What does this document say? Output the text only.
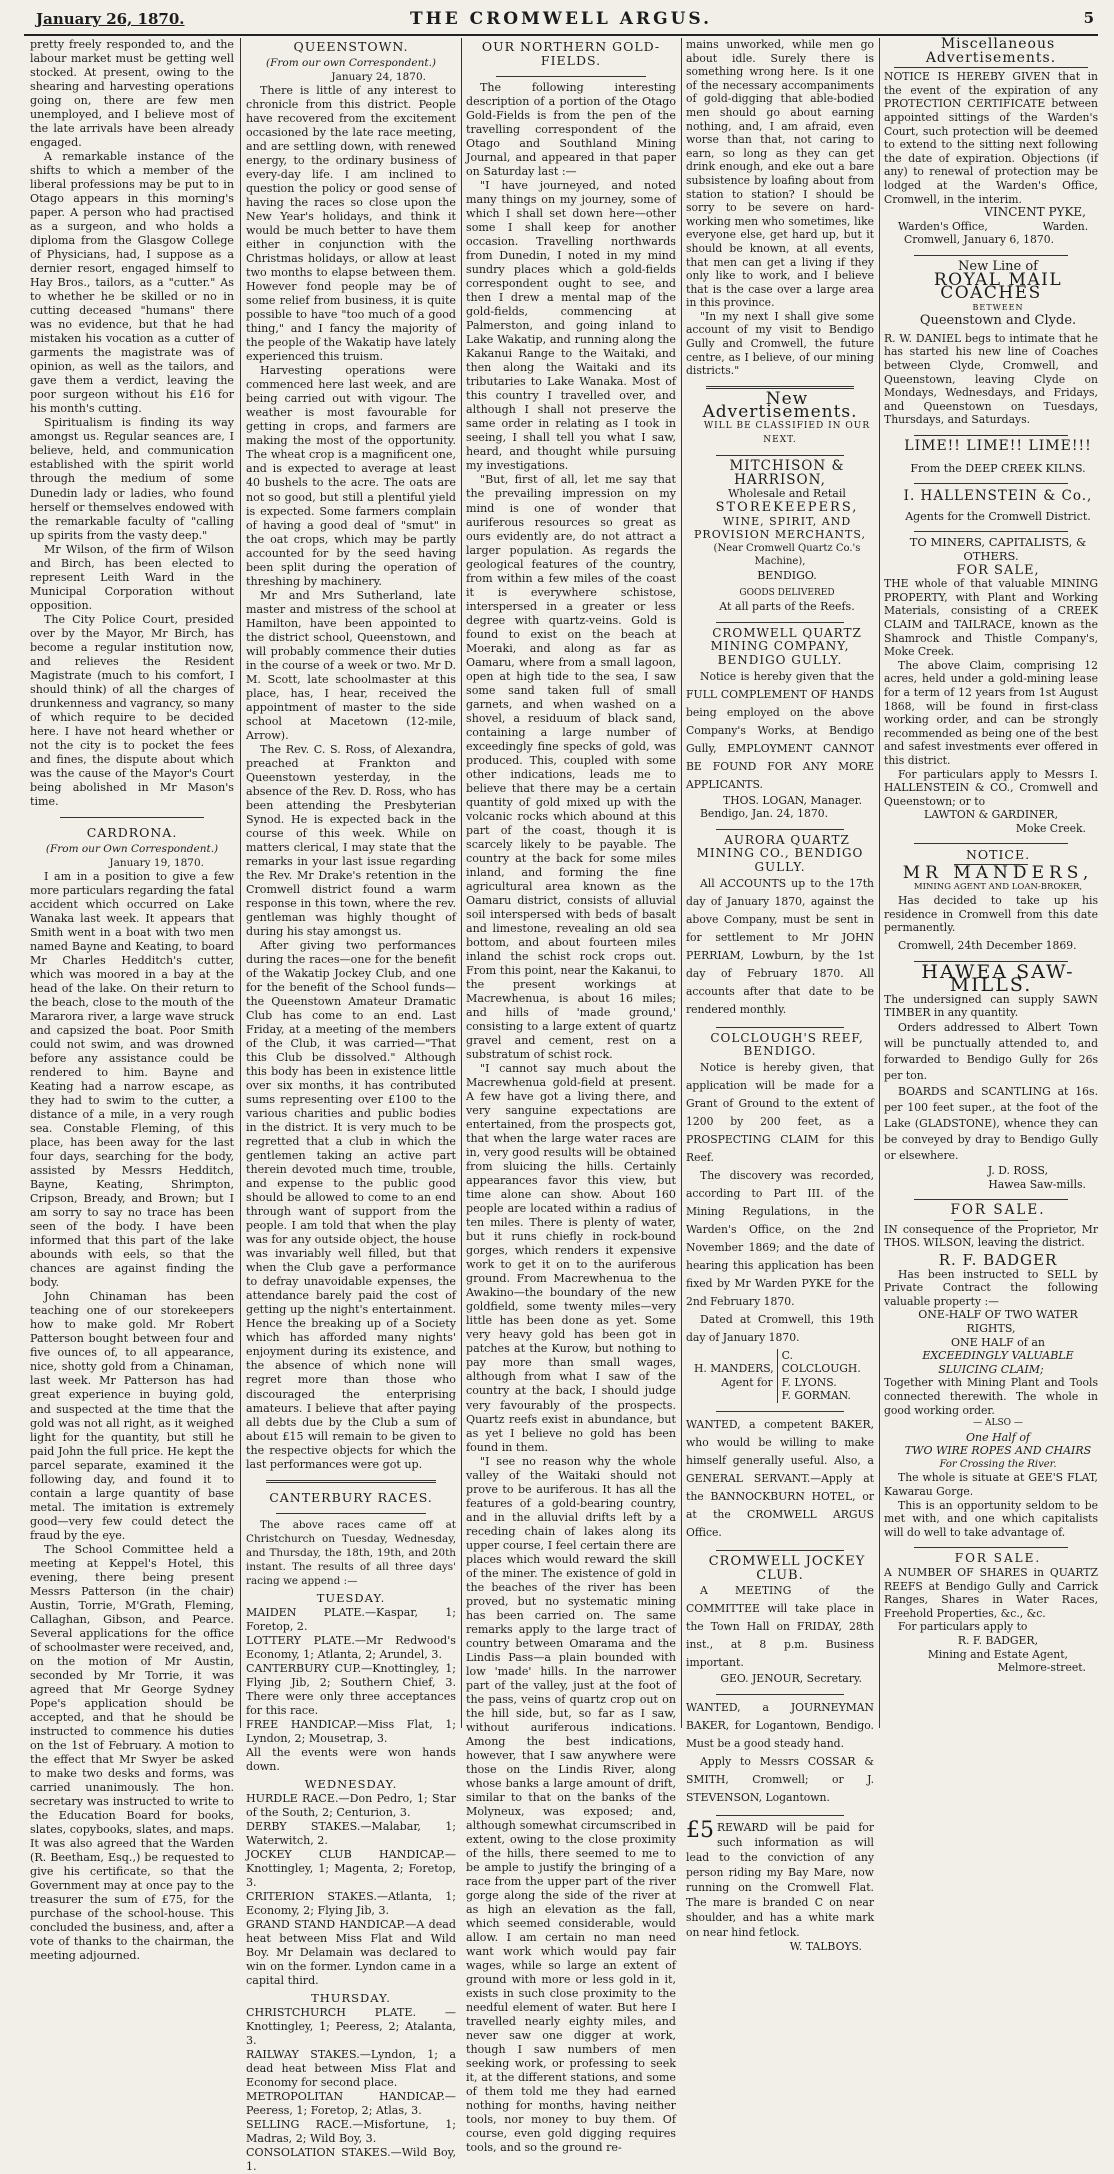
January 26, 1870.	THE CROMWELL ARGUS.	5

pretty freely responded to, and the labour market must be getting well stocked. At present, owing to the shearing and harvesting operations going on, there are few men unemployed, and I believe most of the late arrivals have been already engaged.

A remarkable instance of the shifts to which a member of the liberal professions may be put to in Otago appears in this morning's paper. A person who had practised as a surgeon, and who holds a diploma from the Glasgow College of Physicians, had, I suppose as a dernier resort, engaged himself to Hay Bros., tailors, as a "cutter." As to whether he be skilled or no in cutting deceased "humans" there was no evidence, but that he had mistaken his vocation as a cutter of garments the magistrate was of opinion, as well as the tailors, and gave them a verdict, leaving the poor surgeon without his £16 for his month's cutting.

Spiritualism is finding its way amongst us. Regular seances are, I believe, held, and communication established with the spirit world through the medium of some Dunedin lady or ladies, who found herself or themselves endowed with the remarkable faculty of "calling up spirits from the vasty deep."

Mr Wilson, of the firm of Wilson and Birch, has been elected to represent Leith Ward in the Municipal Corporation without opposition.

The City Police Court, presided over by the Mayor, Mr Birch, has become a regular institution now, and relieves the Resident Magistrate (much to his comfort, I should think) of all the charges of drunkenness and vagrancy, so many of which require to be decided here. I have not heard whether or not the city is to pocket the fees and fines, the dispute about which was the cause of the Mayor's Court being abolished in Mr Mason's time.

CARDRONA.

(From our Own Correspondent.)

January 19, 1870.

I am in a position to give a few more particulars regarding the fatal accident which occurred on Lake Wanaka last week. It appears that Smith went in a boat with two men named Bayne and Keating, to board Mr Charles Hedditch's cutter, which was moored in a bay at the head of the lake. On their return to the beach, close to the mouth of the Mararora river, a large wave struck and capsized the boat. Poor Smith could not swim, and was drowned before any assistance could be rendered to him. Bayne and Keating had a narrow escape, as they had to swim to the cutter, a distance of a mile, in a very rough sea. Constable Fleming, of this place, has been away for the last four days, searching for the body, assisted by Messrs Hedditch, Bayne, Keating, Shrimpton, Cripson, Bready, and Brown; but I am sorry to say no trace has been seen of the body. I have been informed that this part of the lake abounds with eels, so that the chances are against finding the body.

John Chinaman has been teaching one of our storekeepers how to make gold. Mr Robert Patterson bought between four and five ounces of, to all appearance, nice, shotty gold from a Chinaman, last week. Mr Patterson has had great experience in buying gold, and suspected at the time that the gold was not all right, as it weighed light for the quantity, but still he paid John the full price. He kept the parcel separate, examined it the following day, and found it to contain a large quantity of base metal. The imitation is extremely good—very few could detect the fraud by the eye.

The School Committee held a meeting at Keppel's Hotel, this evening, there being present Messrs Patterson (in the chair) Austin, Torrie, M'Grath, Fleming, Callaghan, Gibson, and Pearce. Several applications for the office of schoolmaster were received, and, on the motion of Mr Austin, seconded by Mr Torrie, it was agreed that Mr George Sydney Pope's application should be accepted, and that he should be instructed to commence his duties on the 1st of February. A motion to the effect that Mr Swyer be asked to make two desks and forms, was carried unanimously. The hon. secretary was instructed to write to the Education Board for books, slates, copybooks, slates, and maps. It was also agreed that the Warden (R. Beetham, Esq.,) be requested to give his certificate, so that the Government may at once pay to the treasurer the sum of £75, for the purchase of the school-house. This concluded the business, and, after a vote of thanks to the chairman, the meeting adjourned.

QUEENSTOWN.

(From our own Correspondent.)

January 24, 1870.

There is little of any interest to chronicle from this district. People have recovered from the excitement occasioned by the late race meeting, and are settling down, with renewed energy, to the ordinary business of every-day life. I am inclined to question the policy or good sense of having the races so close upon the New Year's holidays, and think it would be much better to have them either in conjunction with the Christmas holidays, or allow at least two months to elapse between them. However fond people may be of some relief from business, it is quite possible to have "too much of a good thing," and I fancy the majority of the people of the Wakatip have lately experienced this truism.

Harvesting operations were commenced here last week, and are being carried out with vigour. The weather is most favourable for getting in crops, and farmers are making the most of the opportunity. The wheat crop is a magnificent one, and is expected to average at least 40 bushels to the acre. The oats are not so good, but still a plentiful yield is expected. Some farmers complain of having a good deal of "smut" in the oat crops, which may be partly accounted for by the seed having been split during the operation of threshing by machinery.

Mr and Mrs Sutherland, late master and mistress of the school at Hamilton, have been appointed to the district school, Queenstown, and will probably commence their duties in the course of a week or two. Mr D. M. Scott, late schoolmaster at this place, has, I hear, received the appointment of master to the side school at Macetown (12-mile, Arrow).

The Rev. C. S. Ross, of Alexandra, preached at Frankton and Queenstown yesterday, in the absence of the Rev. D. Ross, who has been attending the Presbyterian Synod. He is expected back in the course of this week. While on matters clerical, I may state that the remarks in your last issue regarding the Rev. Mr Drake's retention in the Cromwell district found a warm response in this town, where the rev. gentleman was highly thought of during his stay amongst us.

After giving two performances during the races—one for the benefit of the Wakatip Jockey Club, and one for the benefit of the School funds—the Queenstown Amateur Dramatic Club has come to an end. Last Friday, at a meeting of the members of the Club, it was carried—"That this Club be dissolved." Although this body has been in existence little over six months, it has contributed sums representing over £100 to the various charities and public bodies in the district. It is very much to be regretted that a club in which the gentlemen taking an active part therein devoted much time, trouble, and expense to the public good should be allowed to come to an end through want of support from the people. I am told that when the play was for any outside object, the house was invariably well filled, but that when the Club gave a performance to defray unavoidable expenses, the attendance barely paid the cost of getting up the night's entertainment. Hence the breaking up of a Society which has afforded many nights' enjoyment during its existence, and the absence of which none will regret more than those who discouraged the enterprising amateurs. I believe that after paying all debts due by the Club a sum of about £15 will remain to be given to the respective objects for which the last performances were got up.

CANTERBURY RACES.

The above races came off at Christchurch on Tuesday, Wednesday, and Thursday, the 18th, 19th, and 20th instant. The results of all three days' racing we append :—

TUESDAY.

MAIDEN PLATE.—Kaspar, 1; Foretop, 2.

LOTTERY PLATE.—Mr Redwood's Economy, 1; Atlanta, 2; Arundel, 3.

CANTERBURY CUP.—Knottingley, 1; Flying Jib, 2; Southern Chief, 3. There were only three acceptances for this race.

FREE HANDICAP.—Miss Flat, 1; Lyndon, 2; Mousetrap, 3.

All the events were won hands down.

WEDNESDAY.

HURDLE RACE.—Don Pedro, 1; Star of the South, 2; Centurion, 3.

DERBY STAKES.—Malabar, 1; Waterwitch, 2.

JOCKEY CLUB HANDICAP.—Knottingley, 1; Magenta, 2; Foretop, 3.

CRITERION STAKES.—Atlanta, 1; Economy, 2; Flying Jib, 3.

GRAND STAND HANDICAP.—A dead heat between Miss Flat and Wild Boy. Mr Delamain was declared to win on the former. Lyndon came in a capital third.

THURSDAY.

CHRISTCHURCH PLATE. — Knottingley, 1; Peeress, 2; Atalanta, 3.

RAILWAY STAKES.—Lyndon, 1; a dead heat between Miss Flat and Economy for second place.

METROPOLITAN HANDICAP.—Peeress, 1; Foretop, 2; Atlas, 3.

SELLING RACE.—Misfortune, 1; Madras, 2; Wild Boy, 3.

CONSOLATION STAKES.—Wild Boy, 1.

OUR NORTHERN GOLD-FIELDS.

The following interesting description of a portion of the Otago Gold-Fields is from the pen of the travelling correspondent of the Otago and Southland Mining Journal, and appeared in that paper on Saturday last :—

"I have journeyed, and noted many things on my journey, some of which I shall set down here—other some I shall keep for another occasion. Travelling northwards from Dunedin, I noted in my mind sundry places which a gold-fields correspondent ought to see, and then I drew a mental map of the gold-fields, commencing at Palmerston, and going inland to Lake Wakatip, and running along the Kakanui Range to the Waitaki, and then along the Waitaki and its tributaries to Lake Wanaka. Most of this country I travelled over, and although I shall not preserve the same order in relating as I took in seeing, I shall tell you what I saw, heard, and thought while pursuing my investigations.

"But, first of all, let me say that the prevailing impression on my mind is one of wonder that auriferous resources so great as ours evidently are, do not attract a larger population. As regards the geological features of the country, from within a few miles of the coast it is everywhere schistose, interspersed in a greater or less degree with quartz-veins. Gold is found to exist on the beach at Moeraki, and along as far as Oamaru, where from a small lagoon, open at high tide to the sea, I saw some sand taken full of small garnets, and when washed on a shovel, a residuum of black sand, containing a large number of exceedingly fine specks of gold, was produced. This, coupled with some other indications, leads me to believe that there may be a certain quantity of gold mixed up with the volcanic rocks which abound at this part of the coast, though it is scarcely likely to be payable. The country at the back for some miles inland, and forming the fine agricultural area known as the Oamaru district, consists of alluvial soil interspersed with beds of basalt and limestone, revealing an old sea bottom, and about fourteen miles inland the schist rock crops out. From this point, near the Kakanui, to the present workings at Macrewhenua, is about 16 miles; and hills of 'made ground,' consisting to a large extent of quartz gravel and cement, rest on a substratum of schist rock.

"I cannot say much about the Macrewhenua gold-field at present. A few have got a living there, and very sanguine expectations are entertained, from the prospects got, that when the large water races are in, very good results will be obtained from sluicing the hills. Certainly appearances favor this view, but time alone can show. About 160 people are located within a radius of ten miles. There is plenty of water, but it runs chiefly in rock-bound gorges, which renders it expensive work to get it on to the auriferous ground. From Macrewhenua to the Awakino—the boundary of the new goldfield, some twenty miles—very little has been done as yet. Some very heavy gold has been got in patches at the Kurow, but nothing to pay more than small wages, although from what I saw of the country at the back, I should judge very favourably of the prospects. Quartz reefs exist in abundance, but as yet I believe no gold has been found in them.

"I see no reason why the whole valley of the Waitaki should not prove to be auriferous. It has all the features of a gold-bearing country, and in the alluvial drifts left by a receding chain of lakes along its upper course, I feel certain there are places which would reward the skill of the miner. The existence of gold in the beaches of the river has been proved, but no systematic mining has been carried on. The same remarks apply to the large tract of country between Omarama and the Lindis Pass—a plain bounded with low 'made' hills. In the narrower part of the valley, just at the foot of the pass, veins of quartz crop out on the hill side, but, so far as I saw, without auriferous indications. Among the best indications, however, that I saw anywhere were those on the Lindis River, along whose banks a large amount of drift, similar to that on the banks of the Molyneux, was exposed; and, although somewhat circumscribed in extent, owing to the close proximity of the hills, there seemed to me to be ample to justify the bringing of a race from the upper part of the river gorge along the side of the river at as high an elevation as the fall, which seemed considerable, would allow. I am certain no man need want work which would pay fair wages, while so large an extent of ground with more or less gold in it, exists in such close proximity to the needful element of water. But here I travelled nearly eighty miles, and never saw one digger at work, though I saw numbers of men seeking work, or professing to seek it, at the different stations, and some of them told me they had earned nothing for months, having neither tools, nor money to buy them. Of course, even gold digging requires tools, and so the ground re-

mains unworked, while men go about idle. Surely there is something wrong here. Is it one of the necessary accompaniments of gold-digging that able-bodied men should go about earning nothing, and, I am afraid, even worse than that, not caring to earn, so long as they can get drink enough, and eke out a bare subsistence by loafing about from station to station? I should be sorry to be severe on hard-working men who sometimes, like everyone else, get hard up, but it should be known, at all events, that men can get a living if they only like to work, and I believe that is the case over a large area in this province.

"In my next I shall give some account of my visit to Bendigo Gully and Cromwell, the future centre, as I believe, of our mining districts."

New Advertisements.

WILL BE CLASSIFIED IN OUR NEXT.

MITCHISON & HARRISON,

Wholesale and Retail

STOREKEEPERS,

WINE, SPIRIT, AND PROVISION MERCHANTS,

(Near Cromwell Quartz Co.'s Machine),

BENDIGO.

GOODS DELIVERED

At all parts of the Reefs.

CROMWELL QUARTZ MINING COMPANY, BENDIGO GULLY.

Notice is hereby given that the FULL COMPLEMENT OF HANDS being employed on the above Company's Works, at Bendigo Gully, EMPLOYMENT CANNOT BE FOUND FOR ANY MORE APPLICANTS.

THOS. LOGAN, Manager.

Bendigo, Jan. 24, 1870.

AURORA QUARTZ MINING CO., BENDIGO GULLY.

All ACCOUNTS up to the 17th day of January 1870, against the above Company, must be sent in for settlement to Mr JOHN PERRIAM, Lowburn, by the 1st day of February 1870. All accounts after that date to be rendered monthly.

COLCLOUGH'S REEF, BENDIGO.

Notice is hereby given, that application will be made for a Grant of Ground to the extent of 1200 by 200 feet, as a PROSPECTING CLAIM for this Reef.

The discovery was recorded, according to Part III. of the Mining Regulations, in the Warden's Office, on the 2nd November 1869; and the date of hearing this application has been fixed by Mr Warden PYKE for the 2nd February 1870.

Dated at Cromwell, this 19th day of January 1870.

H. MANDERS,
Agent for
C. COLCLOUGH.
F. LYONS.
F. GORMAN.

WANTED, a competent BAKER, who would be willing to make himself generally useful. Also, a GENERAL SERVANT.—Apply at the BANNOCKBURN HOTEL, or at the CROMWELL ARGUS Office.

CROMWELL JOCKEY CLUB.

A MEETING of the COMMITTEE will take place in the Town Hall on FRIDAY, 28th inst., at 8 p.m. Business important.

GEO. JENOUR, Secretary.

WANTED, a JOURNEYMAN BAKER, for Logantown, Bendigo. Must be a good steady hand.

Apply to Messrs COSSAR & SMITH, Cromwell; or J. STEVENSON, Logantown.

£5 REWARD will be paid for such information as will lead to the conviction of any person riding my Bay Mare, now running on the Cromwell Flat. The mare is branded C on near shoulder, and has a white mark on near hind fetlock.

W. TALBOYS.

Miscellaneous Advertisements.

NOTICE IS HEREBY GIVEN that in the event of the expiration of any PROTECTION CERTIFICATE between appointed sittings of the Warden's Court, such protection will be deemed to extend to the sitting next following the date of expiration. Objections (if any) to renewal of protection may be lodged at the Warden's Office, Cromwell, in the interim.

VINCENT PYKE,

Warden's Office,                Warden.

Cromwell, January 6, 1870.

New Line of

ROYAL MAIL COACHES

BETWEEN

Queenstown and Clyde.

R. W. DANIEL begs to intimate that he has started his new line of Coaches between Clyde, Cromwell, and Queenstown, leaving Clyde on Mondays, Wednesdays, and Fridays, and Queenstown on Tuesdays, Thursdays, and Saturdays.

LIME!! LIME!! LIME!!!

From the DEEP CREEK KILNS.

I. HALLENSTEIN & Co.,

Agents for the Cromwell District.

TO MINERS, CAPITALISTS, & OTHERS.

FOR SALE,

THE whole of that valuable MINING PROPERTY, with Plant and Working Materials, consisting of a CREEK CLAIM and TAILRACE, known as the Shamrock and Thistle Company's, Moke Creek.

The above Claim, comprising 12 acres, held under a gold-mining lease for a term of 12 years from 1st August 1868, will be found in first-class working order, and can be strongly recommended as being one of the best and safest investments ever offered in this district.

For particulars apply to Messrs I. HALLENSTEIN & CO., Cromwell and Queenstown; or to

LAWTON & GARDINER,

Moke Creek.

NOTICE.

MR MANDERS,

MINING AGENT AND LOAN-BROKER,

Has decided to take up his residence in Cromwell from this date permanently.

Cromwell, 24th December 1869.

HAWEA SAW-MILLS.

The undersigned can supply SAWN TIMBER in any quantity.

Orders addressed to Albert Town will be punctually attended to, and forwarded to Bendigo Gully for 26s per ton.

BOARDS and SCANTLING at 16s. per 100 feet super., at the foot of the Lake (GLADSTONE), whence they can be conveyed by dray to Bendigo Gully or elsewhere.

J. D. ROSS,

Hawea Saw-mills.

FOR SALE.

IN consequence of the Proprietor, Mr THOS. WILSON, leaving the district.

R. F. BADGER

Has been instructed to SELL by Private Contract the following valuable property :—

ONE-HALF OF TWO WATER RIGHTS,

ONE HALF of an

EXCEEDINGLY VALUABLE SLUICING CLAIM;

Together with Mining Plant and Tools connected therewith. The whole in good working order.

— ALSO —

One Half of

TWO WIRE ROPES AND CHAIRS

For Crossing the River.

The whole is situate at GEE'S FLAT, Kawarau Gorge.

This is an opportunity seldom to be met with, and one which capitalists will do well to take advantage of.

FOR SALE.

A NUMBER OF SHARES in QUARTZ REEFS at Bendigo Gully and Carrick Ranges, Shares in Water Races, Freehold Properties, &c., &c.

For particulars apply to

R. F. BADGER,

Mining and Estate Agent,

Melmore-street.
